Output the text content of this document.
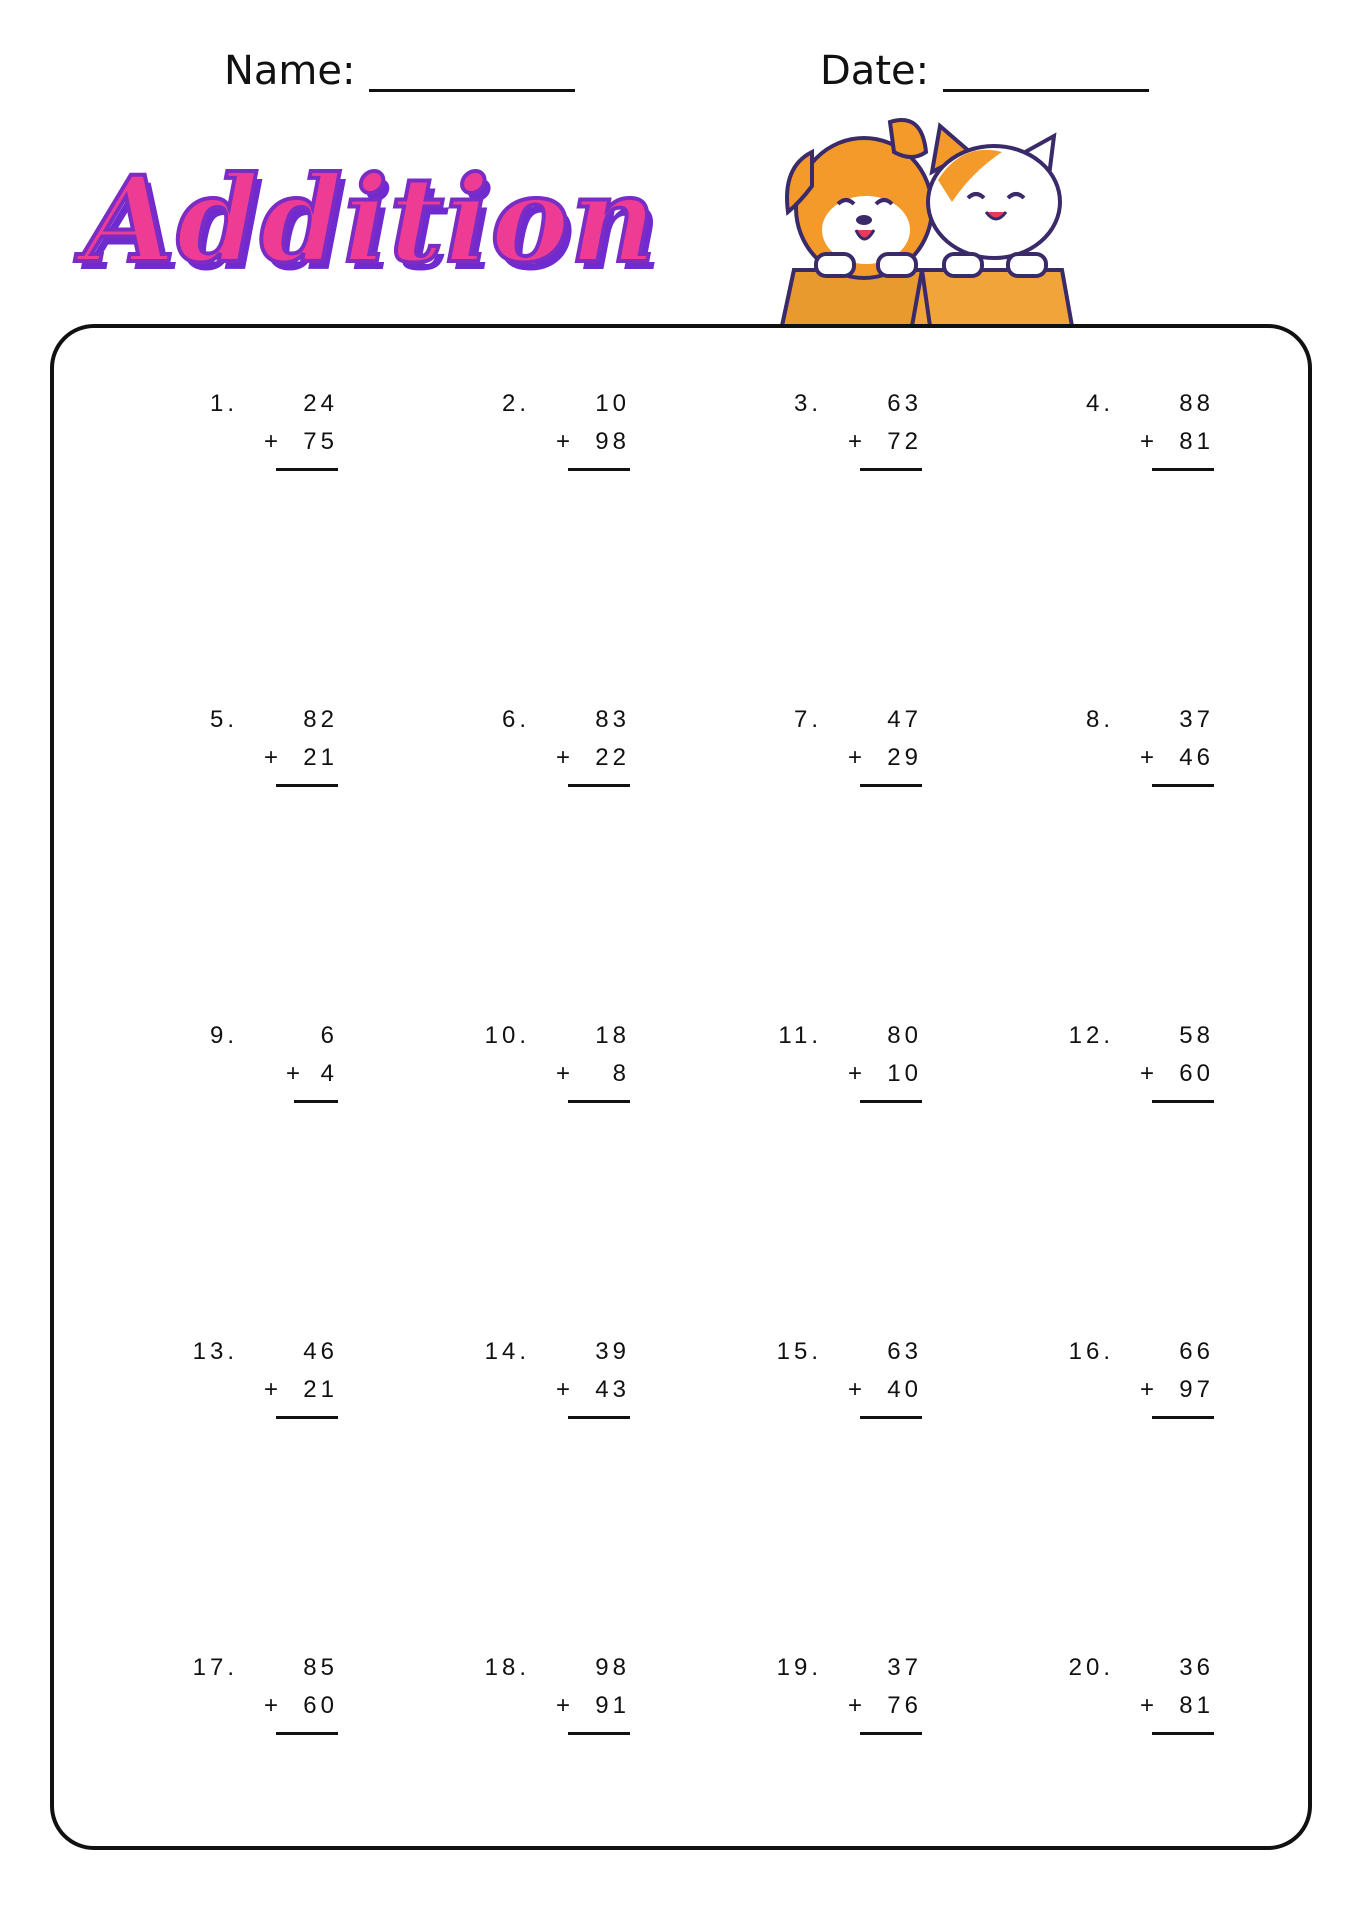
Name:	Date:
Addition
1.	24
+ 75
2.	10
+ 98
3.	63
+ 72
4.	88
+ 81
5.	82
+ 21
6.	83
+ 22
7.	47
+ 29
8.	37
+ 46
9.	6
+ 4
10.	18
+ 8
11.	80
+ 10
12.	58
+ 60
13.	46
+ 21
14.	39
+ 43
15.	63
+ 40
16.	66
+ 97
17.	85
+ 60
18.	98
+ 91
19.	37
+ 76
20.	36
+ 81
